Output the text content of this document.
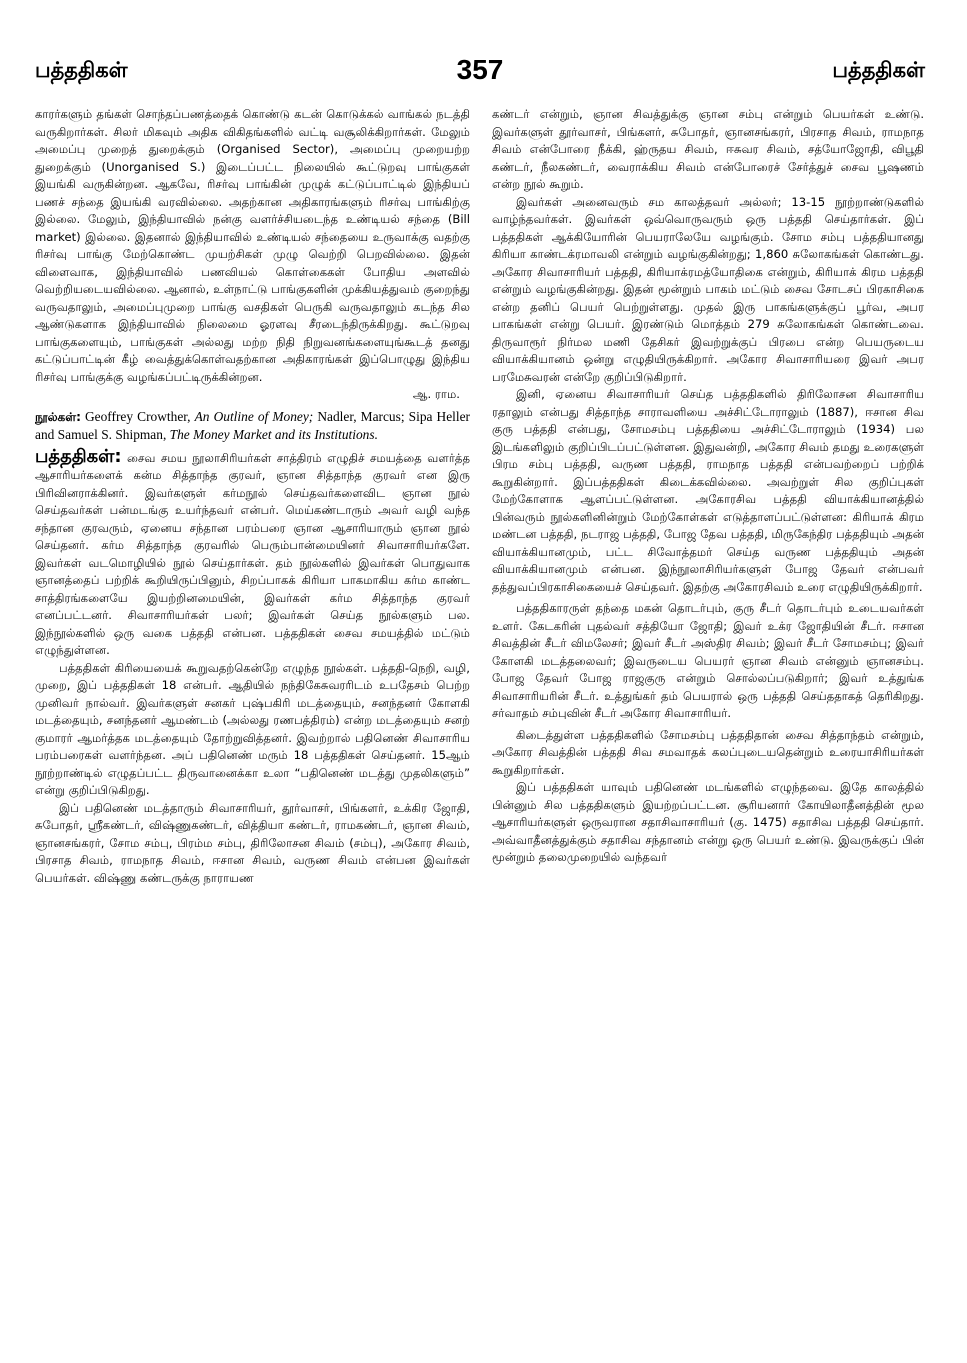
பத்ததிகள்	357	பத்ததிகள்

காரர்களும் தங்கள் சொந்தப்பணத்தைக் கொண்டு கடன் கொடுக்கல் வாங்கல் நடத்தி வருகிறார்கள். சிலர் மிகவும் அதிக விகிதங்களில் வட்டி வசூலிக்கிறார்கள். மேலும் அமைப்பு முறைத் துறைக்கும் (Organised Sector), அமைப்பு முறையற்ற துறைக்கும் (Unorganised S.) இடைப்பட்ட நிலையில் கூட்டுறவு பாங்குகள் இயங்கி வருகின்றன. ஆகவே, ரிசர்வு பாங்கின் முழுக் கட்டுப்பாட்டில் இந்தியப் பணச் சந்தை இயங்கி வரவில்லை. அதற்கான அதிகாரங்களும் ரிசர்வு பாங்கிற்கு இல்லை. மேலும், இந்தியாவில் நன்கு வளர்ச்சியடைந்த உண்டியல் சந்தை (Bill market) இல்லை. இதனால் இந்தியாவில் உண்டியல் சந்தையை உருவாக்கு வதற்கு ரிசர்வு பாங்கு மேற்கொண்ட முயற்சிகள் முழு வெற்றி பெறவில்லை. இதன் விளைவாக, இந்தியாவில் பணவியல் கொள்கைகள் போதிய அளவில் வெற்றியடையவில்லை. ஆனால், உள்நாட்டு பாங்குகளின் முக்கியத்துவம் குறைந்து வருவதாலும், அமைப்புமுறை பாங்கு வசதிகள் பெருகி வருவதாலும் கடந்த சில ஆண்டுகளாக இந்தியாவில் நிலைமை ஓரளவு சீரடைந்திருக்கிறது. கூட்டுறவு பாங்குகளையும், பாங்குகள் அல்லது மற்ற நிதி நிறுவனங்களையுங்கூடத் தனது கட்டுப்பாட்டின் கீழ் வைத்துக்கொள்வதற்கான அதிகாரங்கள் இப்பொழுது இந்திய ரிசர்வு பாங்குக்கு வழங்கப்பட்டிருக்கின்றன.

ஆ. ராம.

நூல்கள்: Geoffrey Crowther, An Outline of Money; Nadler, Marcus; Sipa Heller and Samuel S. Shipman, The Money Market and its Institutions.

பத்ததிகள்: சைவ சமய நூலாசிரியர்கள் சாத்திரம் எழுதிச் சமயத்தை வளர்த்த ஆசாரியர்களைக் கன்ம சித்தாந்த குரவர், ஞான சித்தாந்த குரவர் என இரு பிரிவினராக்கினர். இவர்களுள் கர்மநூல் செய்தவர்களைவிட ஞான நூல் செய்தவர்கள் பன்மடங்கு உயர்ந்தவர் என்பர். மெய்கண்டாரும் அவர் வழி வந்த சந்தான குரவரும், ஏனைய சந்தான பரம்பரை ஞான ஆசாரியாரும் ஞான நூல் செய்தனர். கர்ம சித்தாந்த குரவரில் பெரும்பான்மையினர் சிவாசாரியர்களே. இவர்கள் வடமொழியில் நூல் செய்தார்கள். தம் நூல்களில் இவர்கள் பொதுவாக ஞானத்தைப் பற்றிக் கூறியிருப்பினும், சிறப்பாகக் கிரியா பாகமாகிய கர்ம காண்ட சாத்திரங்களையே இயற்றினமையின், இவர்கள் கர்ம சித்தாந்த குரவர் எனப்பட்டனர். சிவாசாரியர்கள் பலர்; இவர்கள் செய்த நூல்களும் பல. இந்நூல்களில் ஒரு வகை பத்ததி என்பன. பத்ததிகள் சைவ சமயத்தில் மட்டும் எழுந்துள்ளன.

பத்ததிகள் கிரியையைக் கூறுவதற்கென்றே எழுந்த நூல்கள். பத்ததி-நெறி, வழி, முறை, இப் பத்ததிகள் 18 என்பர். ஆதியில் நந்திகேசுவரரிடம் உபதேசம் பெற்ற முனிவர் நால்வர். இவர்களுள் சனகர் புஷ்பகிரி மடத்தையும், சனந்தனர் கோளகி மடத்தையும், சனந்தனர் ஆமண்டம் (அல்லது ரணபத்திரம்) என்ற மடத்தையும் சனற் குமாரர் ஆமர்த்தக மடத்தையும் தோற்றுவித்தனர். இவற்றால் பதினெண் சிவாசாரிய பரம்பரைகள் வளர்ந்தன. அப் பதினெண் மரும் 18 பத்ததிகள் செய்தனர். 15ஆம் நூற்றாண்டில் எழுதப்பட்ட திருவானைக்கா உலா “பதினெண் மடத்து முதலிகளும்” என்று குறிப்பிடுகிறது.

இப் பதினெண் மடத்தாரும் சிவாசாரியர், தூர்வாசர், பிங்களர், உக்கிர ஜோதி, சுபோதர், ஸ்ரீகண்டர், விஷ்ணுகண்டர், வித்தியா கண்டர், ராமகண்டர், ஞான சிவம், ஞானசங்கரர், சோம சம்பு, பிரம்ம சம்பு, திரிலோசன சிவம் (சம்பு), அகோர சிவம், பிரசாத சிவம், ராமநாத சிவம், ஈசான சிவம், வருண சிவம் என்பன இவர்கள் பெயர்கள். விஷ்ணு கண்டருக்கு நாராயண

கண்டர் என்றும், ஞான சிவத்துக்கு ஞான சம்பு என்றும் பெயர்கள் உண்டு. இவர்களுள் தூர்வாசர், பிங்களர், சுபோதர், ஞானசங்கரர், பிரசாத சிவம், ராமநாத சிவம் என்போரை நீக்கி, ஹ்ருதய சிவம், ஈசுவர சிவம், சத்யோஜோதி, விபூதி கண்டர், நீலகண்டர், வைராக்கிய சிவம் என்போரைச் சேர்த்துச் சைவ பூஷணம் என்ற நூல் கூறும்.

இவர்கள் அனைவரும் சம காலத்தவர் அல்லர்; 13-15 நூற்றாண்டுகளில் வாழ்ந்தவர்கள். இவர்கள் ஒவ்வொருவரும் ஒரு பத்ததி செய்தார்கள். இப் பத்ததிகள் ஆக்கியோரின் பெயராலேயே வழங்கும். சோம சம்பு பத்ததியானது கிரியா காண்டக்ரமாவலி என்றும் வழங்குகின்றது; 1,860 சுலோகங்கள் கொண்டது. அகோர சிவாசாரியர் பத்ததி, கிரியாக்ரமத்யோதிகை என்றும், கிரியாக் கிரம பத்ததி என்றும் வழங்குகின்றது. இதன் மூன்றும் பாகம் மட்டும் சைவ சோடசப் பிரகாசிகை என்ற தனிப் பெயர் பெற்றுள்ளது. முதல் இரு பாகங்களுக்குப் பூர்வ, அபர பாகங்கள் என்று பெயர். இரண்டும் மொத்தம் 279 சுலோகங்கள் கொண்டவை. திருவாரூர் நிர்மல மணி தேசிகர் இவற்றுக்குப் பிரபை என்ற பெயருடைய வியாக்கியானம் ஒன்று எழுதியிருக்கிறார். அகோர சிவாசாரியரை இவர் அபர பரமேசுவரன் என்றே குறிப்பிடுகிறார்.

இனி, ஏனைய சிவாசாரியர் செய்த பத்ததிகளில் திரிலோசன சிவாசாரிய ரதாலும் என்பது சித்தாந்த சாராவளியை அச்சிட்டோராலும் (1887), ஈசான சிவ குரு பத்ததி என்பது, சோமசம்பு பத்ததியை அச்சிட்டோராலும் (1934) பல இடங்களிலும் குறிப்பிடப்பட்டுள்ளன. இதுவன்றி, அகோர சிவம் தமது உரைகளுள் பிரம சம்பு பத்ததி, வருண பத்ததி, ராமநாத பத்ததி என்பவற்றைப் பற்றிக் கூறுகின்றார். இப்பத்ததிகள் கிடைக்கவில்லை. அவற்றுள் சில குறிப்புகள் மேற்கோளாக ஆளப்பட்டுள்ளன. அகோரசிவ பத்ததி வியாக்கியானத்தில் பின்வரும் நூல்களினின்றும் மேற்கோள்கள் எடுத்தாளப்பட்டுள்ளன: கிரியாக் கிரம மண்டன பத்ததி, நடராஜ பத்ததி, போஜ தேவ பத்ததி, மிருகேந்திர பத்ததியும் அதன் வியாக்கியானமும், பட்ட சிவோத்தமர் செய்த வருண பத்ததியும் அதன் வியாக்கியானமும் என்பன. இந்நூலாசிரியர்களுள் போஜ தேவர் என்பவர் தத்துவப்பிரகாசிகையைச் செய்தவர். இதற்கு அகோரசிவம் உரை எழுதியிருக்கிறார்.

பத்ததிகாரருள் தந்தை மகன் தொடர்பும், குரு சீடர் தொடர்பும் உடையவர்கள் உளர். கேடகரின் புதல்வர் சத்தியோ ஜோதி; இவர் உக்ர ஜோதியின் சீடர். ஈசான சிவத்தின் சீடர் விமலேசர்; இவர் சீடர் அஸ்திர சிவம்; இவர் சீடர் சோமசம்பு; இவர் கோளகி மடத்தலைவர்; இவருடைய பெயரர் ஞான சிவம் என்னும் ஞானசம்பு. போஜ தேவர் போஜ ராஜகுரு என்றும் சொல்லப்படுகிறார்; இவர் உத்துங்க சிவாசாரியரின் சீடர். உத்துங்கர் தம் பெயரால் ஒரு பத்ததி செய்ததாகத் தெரிகிறது. சர்வாதம் சம்புவின் சீடர் அகோர சிவாசாரியர்.

கிடைத்துள்ள பத்ததிகளில் சோமசம்பு பத்ததிதான் சைவ சித்தாந்தம் என்றும், அகோர சிவத்தின் பத்ததி சிவ சமவாதக் கலப்புடையதென்றும் உரையாசிரியர்கள் கூறுகிறார்கள்.

இப் பத்ததிகள் யாவும் பதினெண் மடங்களில் எழுந்தவை. இதே காலத்தில் பின்னும் சில பத்ததிகளும் இயற்றப்பட்டன. சூரியனார் கோயிலாதீனத்தின் மூல ஆசாரியர்களுள் ஒருவரான சதாசிவாசாரியர் (கு. 1475) சதாசிவ பத்ததி செய்தார். அவ்வாதீனத்துக்கும் சதாசிவ சந்தானம் என்று ஒரு பெயர் உண்டு. இவருக்குப் பின் மூன்றும் தலைமுறையில் வந்தவர்
